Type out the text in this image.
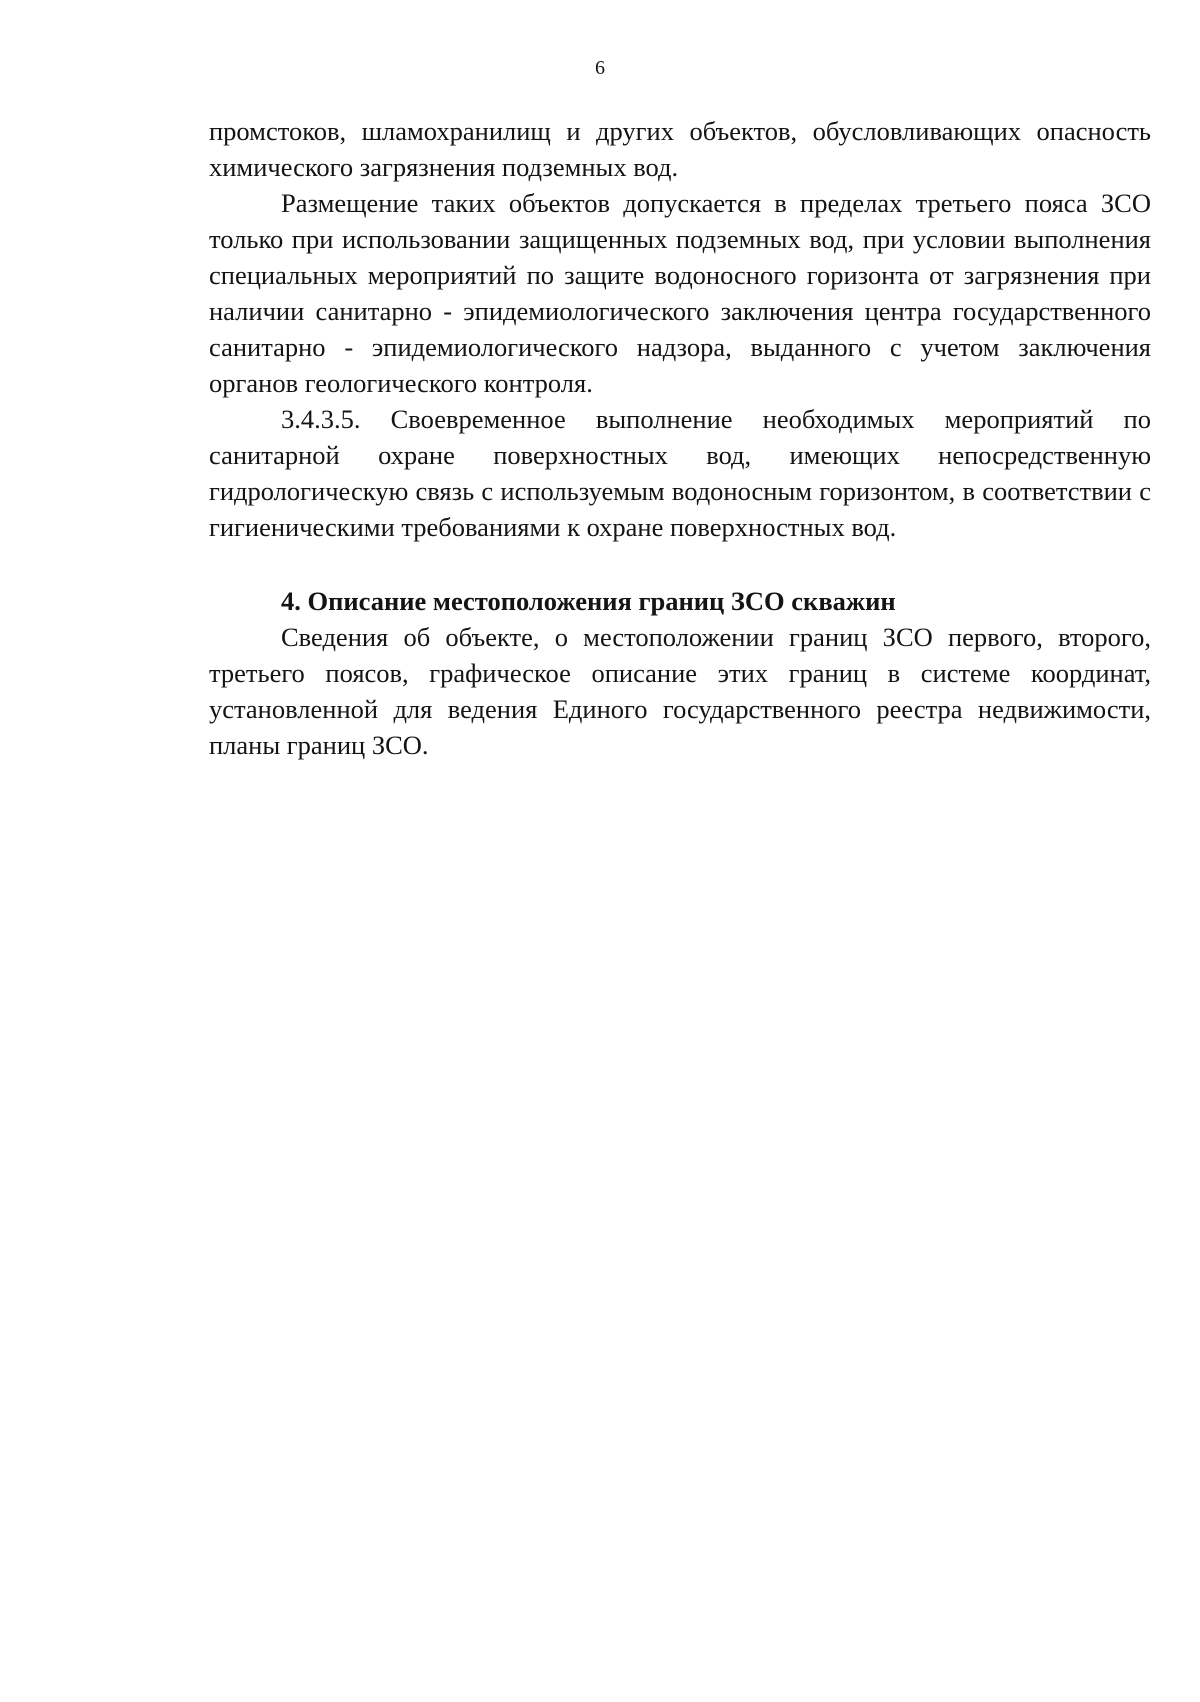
6

промстоков, шламохранилищ и других объектов, обусловливающих опасность химического загрязнения подземных вод.

Размещение таких объектов допускается в пределах третьего пояса ЗСО только при использовании защищенных подземных вод, при условии выполнения специальных мероприятий по защите водоносного горизонта от загрязнения при наличии санитарно - эпидемиологического заключения центра государственного санитарно - эпидемиологического надзора, выданного с учетом заключения органов геологического контроля.

3.4.3.5. Своевременное выполнение необходимых мероприятий по санитарной охране поверхностных вод, имеющих непосредственную гидрологическую связь с используемым водоносным горизонтом, в соответствии с гигиеническими требованиями к охране поверхностных вод.

4. Описание местоположения границ ЗСО скважин

Сведения об объекте, о местоположении границ ЗСО первого, второго, третьего поясов, графическое описание этих границ в системе координат, установленной для ведения Единого государственного реестра недвижимости, планы границ ЗСО.
